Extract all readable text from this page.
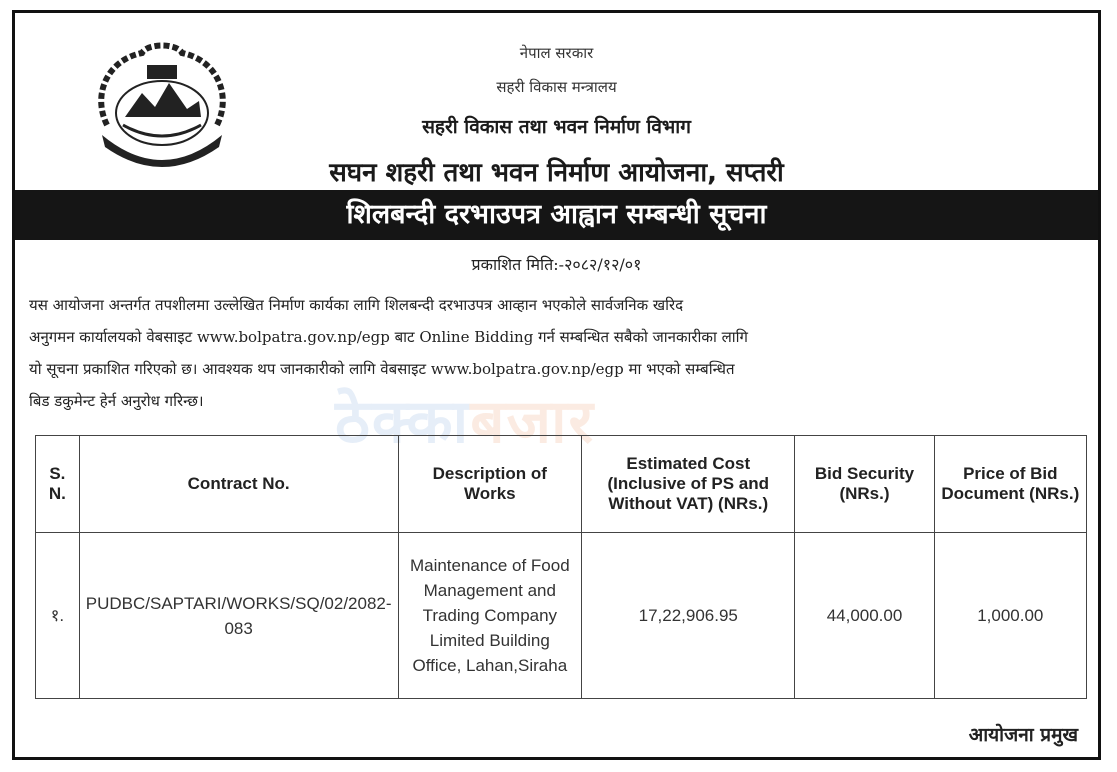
नेपाल सरकार
सहरी विकास मन्त्रालय
सहरी विकास तथा भवन निर्माण विभाग
सघन शहरी तथा भवन निर्माण आयोजना, सप्तरी
शिलबन्दी दरभाउपत्र आह्वान सम्बन्धी सूचना
प्रकाशित मिति:-२०८२/१२/०१
यस आयोजना अन्तर्गत तपशीलमा उल्लेखित निर्माण कार्यका लागि शिलबन्दी दरभाउपत्र आव्हान भएकोले सार्वजनिक खरिद
अनुगमन कार्यालयको वेबसाइट www.bolpatra.gov.np/egp बाट Online Bidding गर्न सम्बन्धित सबैको जानकारीका लागि
यो सूचना प्रकाशित गरिएको छ। आवश्यक थप जानकारीको लागि वेबसाइट www.bolpatra.gov.np/egp मा भएको सम्बन्धित
बिड डकुमेन्ट हेर्न अनुरोध गरिन्छ।	ठेक्काबजार
S. N.	Contract No.	Description of Works	Estimated Cost (Inclusive of PS and Without VAT) (NRs.)	Bid Security (NRs.)	Price of Bid Document (NRs.)
१.	PUDBC/SAPTARI/WORKS/SQ/02/2082-083	Maintenance of Food Management and Trading Company Limited Building Office, Lahan,Siraha	17,22,906.95	44,000.00	1,000.00
आयोजना प्रमुख
